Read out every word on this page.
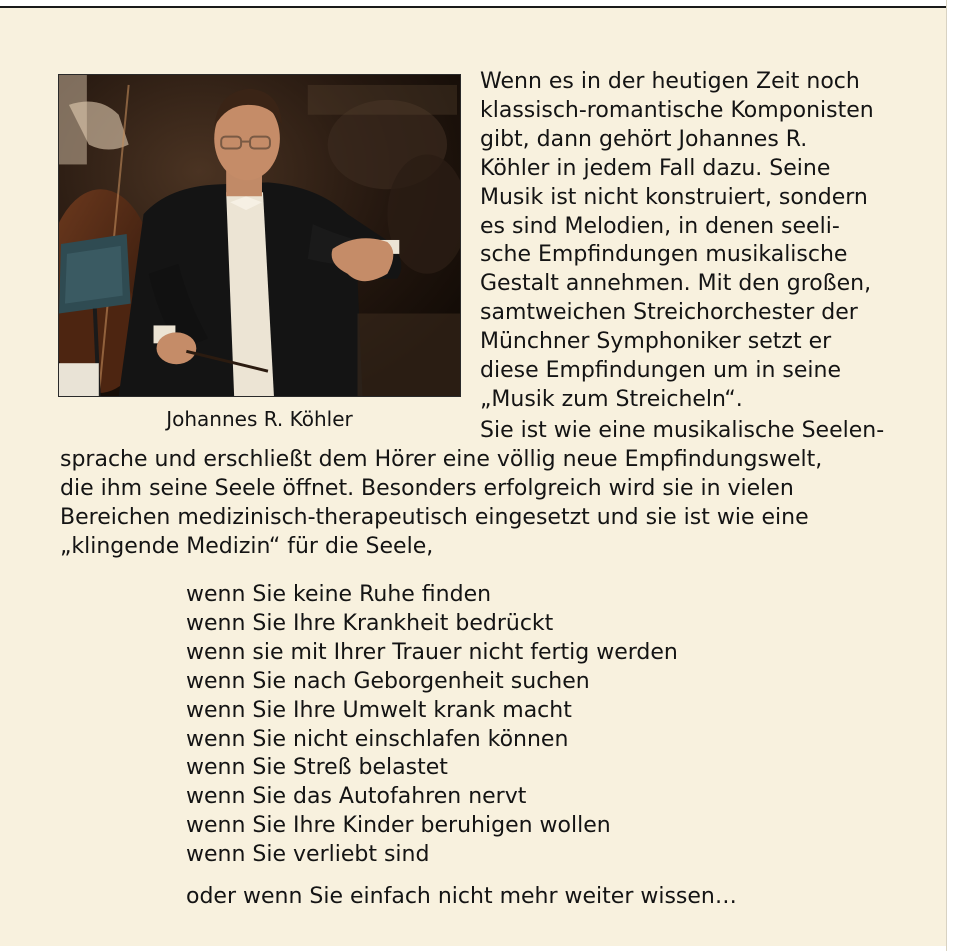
Johannes R. Köhler

Wenn es in der heutigen Zeit noch
klassisch-romantische Komponisten
gibt, dann gehört Johannes R.
Köhler in jedem Fall dazu. Seine
Musik ist nicht konstruiert, sondern
es sind Melodien, in denen seeli-
sche Empfindungen musikalische
Gestalt annehmen. Mit den großen,
samtweichen Streichorchester der
Münchner Symphoniker setzt er
diese Empfindungen um in seine
„Musik zum Streicheln“.

Sie ist wie eine musikalische Seelen-
sprache und erschließt dem Hörer eine völlig neue Empfindungswelt,
die ihm seine Seele öffnet. Besonders erfolgreich wird sie in vielen
Bereichen medizinisch-therapeutisch eingesetzt und sie ist wie eine
„klingende Medizin“ für die Seele,

wenn Sie keine Ruhe finden
wenn Sie Ihre Krankheit bedrückt
wenn sie mit Ihrer Trauer nicht fertig werden
wenn Sie nach Geborgenheit suchen
wenn Sie Ihre Umwelt krank macht
wenn Sie nicht einschlafen können
wenn Sie Streß belastet
wenn Sie das Autofahren nervt
wenn Sie Ihre Kinder beruhigen wollen
wenn Sie verliebt sind

oder wenn Sie einfach nicht mehr weiter wissen…
